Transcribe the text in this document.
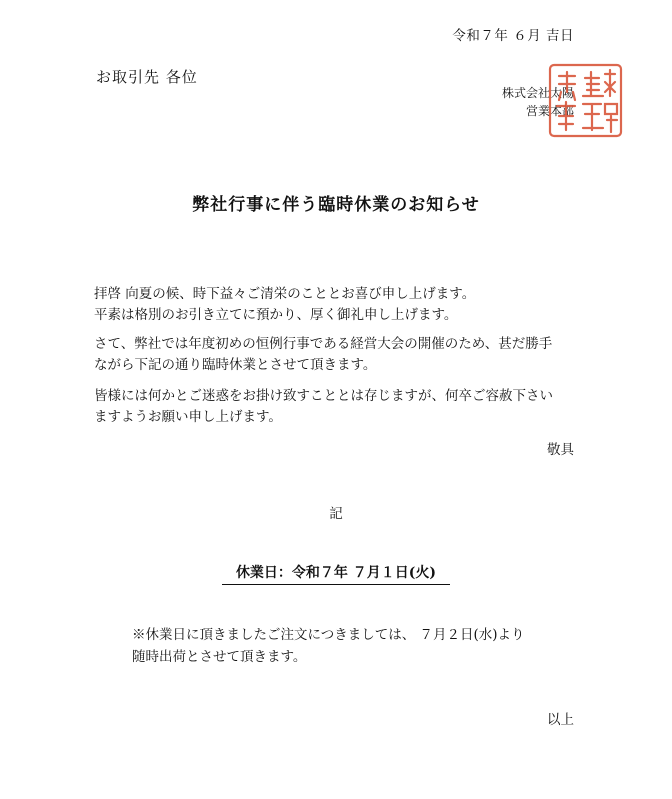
令和７年 ６月 吉日
お取引先 各位
株式会社太陽
営業本部
弊社行事に伴う臨時休業のお知らせ
拝啓 向夏の候、時下益々ご清栄のこととお喜び申し上げます。
平素は格別のお引き立てに預かり、厚く御礼申し上げます。
さて、弊社では年度初めの恒例行事である経営大会の開催のため、甚だ勝手
ながら下記の通り臨時休業とさせて頂きます。
皆様には何かとご迷惑をお掛け致すこととは存じますが、何卒ご容赦下さい
ますようお願い申し上げます。
敬具
記
休業日：令和７年 ７月１日(火)
※休業日に頂きましたご注文につきましては、 ７月２日(水)より
随時出荷とさせて頂きます。
以上
